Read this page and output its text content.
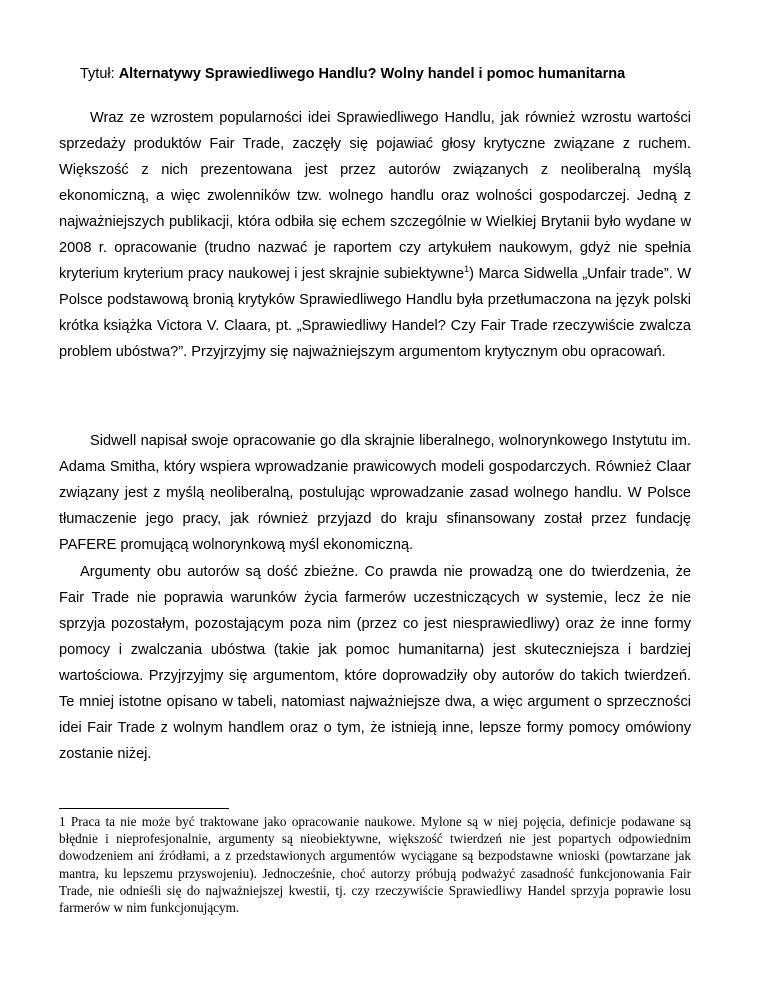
Tytuł: Alternatywy Sprawiedliwego Handlu? Wolny handel i pomoc humanitarna

Wraz ze wzrostem popularności idei Sprawiedliwego Handlu, jak również wzrostu wartości sprzedaży produktów Fair Trade, zaczęły się pojawiać głosy krytyczne związane z ruchem. Większość z nich prezentowana jest przez autorów związanych z neoliberalną myślą ekonomiczną, a więc zwolenników tzw. wolnego handlu oraz wolności gospodarczej. Jedną z najważniejszych publikacji, która odbiła się echem szczególnie w Wielkiej Brytanii było wydane w 2008 r. opracowanie (trudno nazwać je raportem czy artykułem naukowym, gdyż nie spełnia kryterium kryterium pracy naukowej i jest skrajnie subiektywne$^1$) Marca Sidwella „Unfair trade”. W Polsce podstawową bronią krytyków Sprawiedliwego Handlu była przetłumaczona na język polski krótka książka Victora V. Claara, pt. „Sprawiedliwy Handel? Czy Fair Trade rzeczywiście zwalcza problem ubóstwa?”. Przyjrzyjmy się najważniejszym argumentom krytycznym obu opracowań.

Sidwell napisał swoje opracowanie go dla skrajnie liberalnego, wolnorynkowego Instytutu im. Adama Smitha, który wspiera wprowadzanie prawicowych modeli gospodarczych. Również Claar związany jest z myślą neoliberalną, postulując wprowadzanie zasad wolnego handlu. W Polsce tłumaczenie jego pracy, jak również przyjazd do kraju sfinansowany został przez fundację PAFERE promującą wolnorynkową myśl ekonomiczną.

Argumenty obu autorów są dość zbieżne. Co prawda nie prowadzą one do twierdzenia, że Fair Trade nie poprawia warunków życia farmerów uczestniczących w systemie, lecz że nie sprzyja pozostałym, pozostającym poza nim (przez co jest niesprawiedliwy) oraz że inne formy pomocy i zwalczania ubóstwa (takie jak pomoc humanitarna) jest skuteczniejsza i bardziej wartościowa. Przyjrzyjmy się argumentom, które doprowadziły oby autorów do takich twierdzeń. Te mniej istotne opisano w tabeli, natomiast najważniejsze dwa, a więc argument o sprzeczności idei Fair Trade z wolnym handlem oraz o tym, że istnieją inne, lepsze formy pomocy omówiony zostanie niżej.

1 Praca ta nie może być traktowane jako opracowanie naukowe. Mylone są w niej pojęcia, definicje podawane są błędnie i nieprofesjonalnie, argumenty są nieobiektywne, większość twierdzeń nie jest popartych odpowiednim dowodzeniem ani źródłami, a z przedstawionych argumentów wyciągane są bezpodstawne wnioski (powtarzane jak mantra, ku lepszemu przyswojeniu). Jednocześnie, choć autorzy próbują podważyć zasadność funkcjonowania Fair Trade, nie odnieśli się do najważniejszej kwestii, tj. czy rzeczywiście Sprawiedliwy Handel sprzyja poprawie losu farmerów w nim funkcjonującym.
